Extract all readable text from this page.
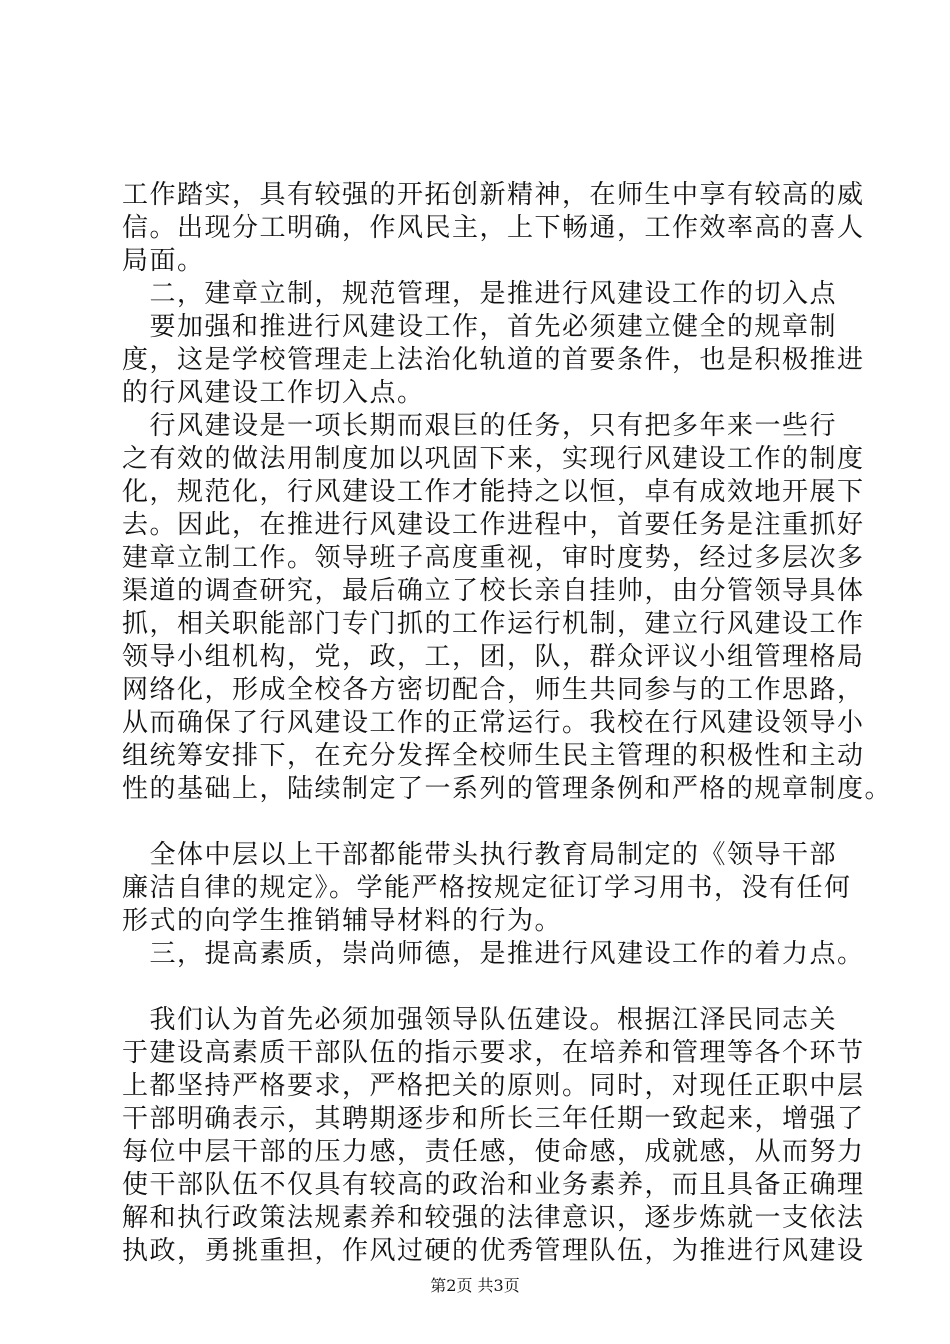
工作踏实，具有较强的开拓创新精神，在师生中享有较高的威

信。出现分工明确，作风民主，上下畅通，工作效率高的喜人

局面。

　二，建章立制，规范管理，是推进行风建设工作的切入点

　要加强和推进行风建设工作，首先必须建立健全的规章制

度，这是学校管理走上法治化轨道的首要条件，也是积极推进

的行风建设工作切入点。

　行风建设是一项长期而艰巨的任务，只有把多年来一些行

之有效的做法用制度加以巩固下来，实现行风建设工作的制度

化，规范化，行风建设工作才能持之以恒，卓有成效地开展下

去。因此，在推进行风建设工作进程中，首要任务是注重抓好

建章立制工作。领导班子高度重视，审时度势，经过多层次多

渠道的调查研究，最后确立了校长亲自挂帅，由分管领导具体

抓，相关职能部门专门抓的工作运行机制，建立行风建设工作

领导小组机构，党，政，工，团，队，群众评议小组管理格局

网络化，形成全校各方密切配合，师生共同参与的工作思路，

从而确保了行风建设工作的正常运行。我校在行风建设领导小

组统筹安排下，在充分发挥全校师生民主管理的积极性和主动

性的基础上，陆续制定了一系列的管理条例和严格的规章制度。

　全体中层以上干部都能带头执行教育局制定的《领导干部

廉洁自律的规定》。学能严格按规定征订学习用书，没有任何

形式的向学生推销辅导材料的行为。

　三，提高素质，崇尚师德，是推进行风建设工作的着力点。

　我们认为首先必须加强领导队伍建设。根据江泽民同志关

于建设高素质干部队伍的指示要求，在培养和管理等各个环节

上都坚持严格要求，严格把关的原则。同时，对现任正职中层

干部明确表示，其聘期逐步和所长三年任期一致起来，增强了

每位中层干部的压力感，责任感，使命感，成就感，从而努力

使干部队伍不仅具有较高的政治和业务素养，而且具备正确理

解和执行政策法规素养和较强的法律意识，逐步炼就一支依法

执政，勇挑重担，作风过硬的优秀管理队伍，为推进行风建设

第2页 共3页
